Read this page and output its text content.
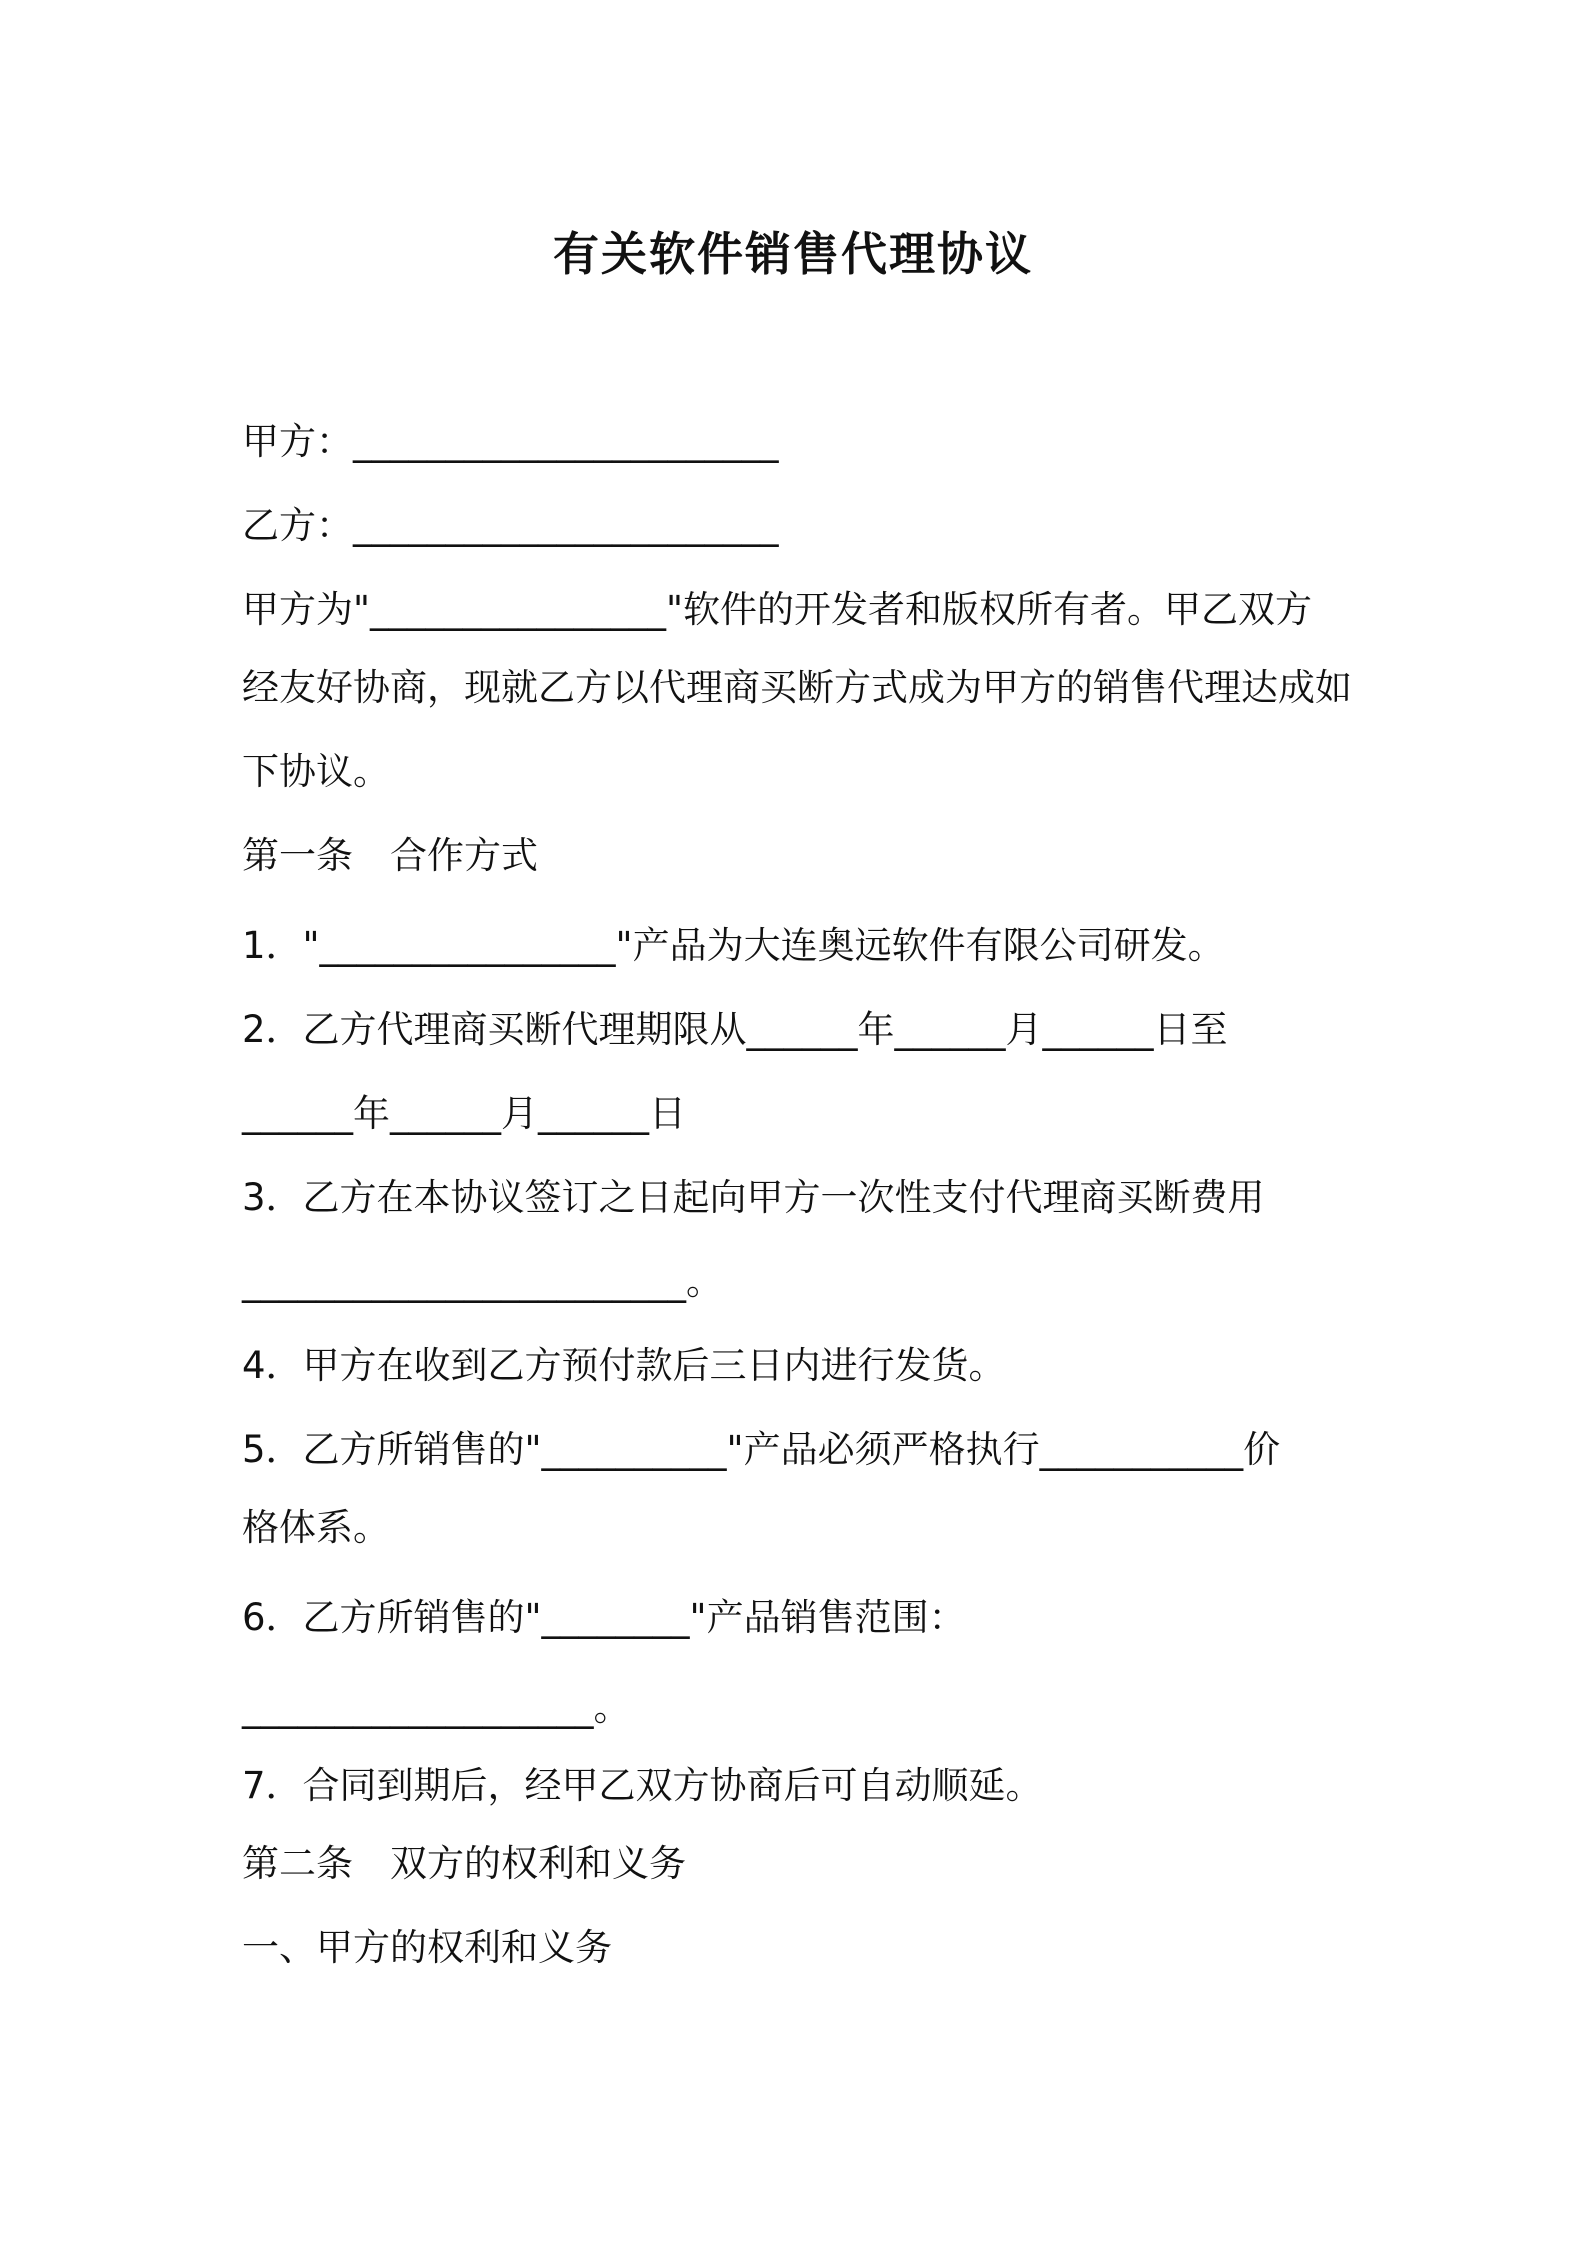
有关软件销售代理协议
甲方：_______________________
乙方：_______________________
甲方为"________________"软件的开发者和版权所有者。甲乙双方
经友好协商，现就乙方以代理商买断方式成为甲方的销售代理达成如
下协议。
第一条　合作方式
1．"________________"产品为大连奥远软件有限公司研发。
2．乙方代理商买断代理期限从______年______月______日至
______年______月______日
3．乙方在本协议签订之日起向甲方一次性支付代理商买断费用
________________________。
4．甲方在收到乙方预付款后三日内进行发货。
5．乙方所销售的"__________"产品必须严格执行___________价
格体系。
6．乙方所销售的"________"产品销售范围：
___________________。
7．合同到期后，经甲乙双方协商后可自动顺延。
第二条　双方的权利和义务
一、甲方的权利和义务
